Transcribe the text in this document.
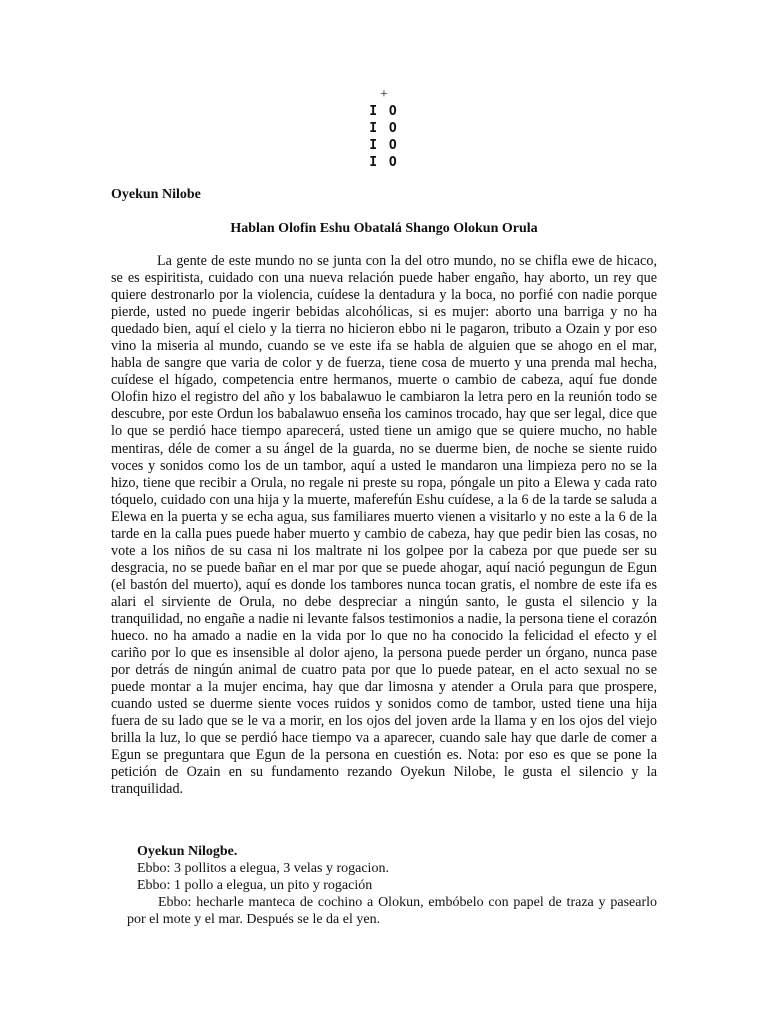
+
I O
I O
I O
I O
Oyekun Nilobe
Hablan Olofin Eshu Obatalá Shango Olokun Orula

La gente de este mundo no se junta con la del otro mundo, no se chifla ewe de hicaco, se es espiritista, cuidado con una nueva relación puede haber engaño, hay aborto, un rey que quiere destronarlo por la violencia, cuídese la dentadura y la boca, no porfié con nadie porque pierde, usted no puede ingerir bebidas alcohólicas, si es mujer: aborto una barriga y no ha quedado bien, aquí el cielo y la tierra no hicieron ebbo ni le pagaron, tributo a Ozain y por eso vino la miseria al mundo, cuando se ve este ifa se habla de alguien que se ahogo en el mar, habla de sangre que varia de color y de fuerza, tiene cosa de muerto y una prenda mal hecha, cuídese el hígado, competencia entre hermanos, muerte o cambio de cabeza, aquí fue donde Olofin hizo el registro del año y los babalawuo le cambiaron la letra pero en la reunión todo se descubre, por este Ordun los babalawuo enseña los caminos trocado, hay que ser legal, dice que lo que se perdió hace tiempo aparecerá, usted tiene un amigo que se quiere mucho, no hable mentiras, déle de comer a su ángel de la guarda, no se duerme bien, de noche se siente ruido voces y sonidos como los de un tambor, aquí a usted le mandaron una limpieza pero no se la hizo, tiene que recibir a Orula, no regale ni preste su ropa, póngale un pito a Elewa y cada rato tóquelo, cuidado con una hija y la muerte, maferefún Eshu cuídese, a la 6 de la tarde se saluda a Elewa en la puerta y se echa agua, sus familiares muerto vienen a visitarlo y no este a la 6 de la tarde en la calla pues puede haber muerto y cambio de cabeza, hay que pedir bien las cosas, no vote a los niños de su casa ni los maltrate ni los golpee por la cabeza por que puede ser su desgracia, no se puede bañar en el mar por que se puede ahogar, aquí nació pegungun de Egun (el bastón del muerto), aquí es donde los tambores nunca tocan gratis, el nombre de este ifa es alari el sirviente de Orula, no debe despreciar a ningún santo, le gusta el silencio y la tranquilidad, no engañe a nadie ni levante falsos testimonios a nadie, la persona tiene el corazón hueco. no ha amado a nadie en la vida por lo que no ha conocido la felicidad el efecto y el cariño por lo que es insensible al dolor ajeno, la persona puede perder un órgano, nunca pase por detrás de ningún animal de cuatro pata por que lo puede patear, en el acto sexual no se puede montar a la mujer encima, hay que dar limosna y atender a Orula para que prospere, cuando usted se duerme siente voces ruidos y sonidos como de tambor, usted tiene una hija fuera de su lado que se le va a morir, en los ojos del joven arde la llama y en los ojos del viejo brilla la luz, lo que se perdió hace tiempo va a aparecer, cuando sale hay que darle de comer a Egun se preguntara que Egun de la persona en cuestión es. Nota: por eso es que se pone la petición de Ozain en su fundamento rezando Oyekun Nilobe, le gusta el silencio y la tranquilidad.

Oyekun Nilogbe.
Ebbo: 3 pollitos a elegua, 3 velas y rogacion.
Ebbo: 1 pollo a elegua, un pito y rogación
Ebbo: hecharle manteca de cochino a Olokun, embóbelo con papel de traza y pasearlo por el mote y el mar. Después se le da el yen.
